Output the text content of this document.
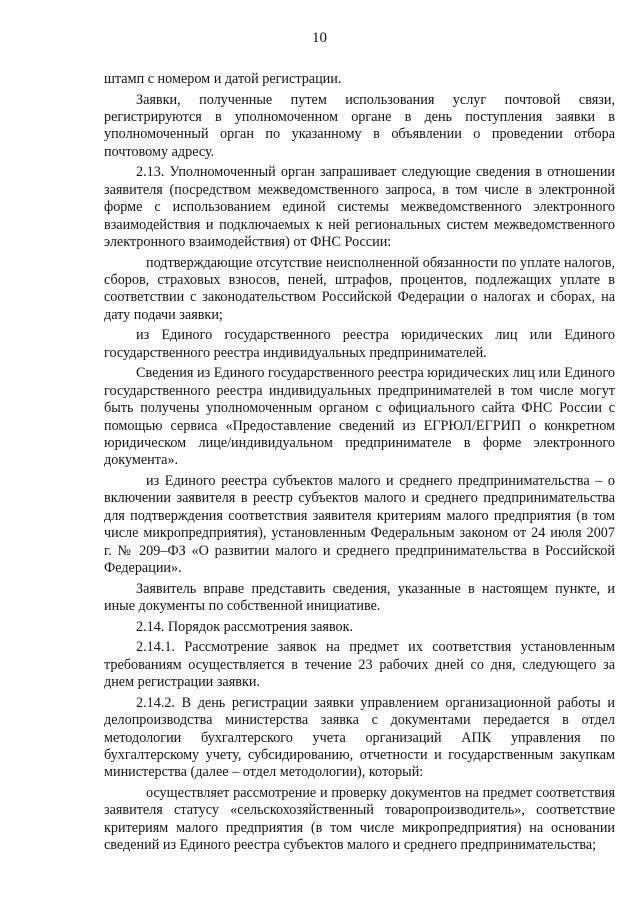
10

штамп с номером и датой регистрации.

Заявки, полученные путем использования услуг почтовой связи, регистрируются в уполномоченном органе в день поступления заявки в уполномоченный орган по указанному в объявлении о проведении отбора почтовому адресу.

2.13. Уполномоченный орган запрашивает следующие сведения в отношении заявителя (посредством межведомственного запроса, в том числе в электронной форме с использованием единой системы межведомственного электронного взаимодействия и подключаемых к ней региональных систем межведомственного электронного взаимодействия) от ФНС России:

подтверждающие отсутствие неисполненной обязанности по уплате налогов, сборов, страховых взносов, пеней, штрафов, процентов, подлежащих уплате в соответствии с законодательством Российской Федерации о налогах и сборах, на дату подачи заявки;

из Единого государственного реестра юридических лиц или Единого государственного реестра индивидуальных предпринимателей.

Сведения из Единого государственного реестра юридических лиц или Единого государственного реестра индивидуальных предпринимателей в том числе могут быть получены уполномоченным органом с официального сайта ФНС России с помощью сервиса «Предоставление сведений из ЕГРЮЛ/ЕГРИП о конкретном юридическом лице/индивидуальном предпринимателе в форме электронного документа».

из Единого реестра субъектов малого и среднего предпринимательства – о включении заявителя в реестр субъектов малого и среднего предпринимательства для подтверждения соответствия заявителя критериям малого предприятия (в том числе микропредприятия), установленным Федеральным законом от 24 июля 2007 г. № 209–ФЗ «О развитии малого и среднего предпринимательства в Российской Федерации».

Заявитель вправе представить сведения, указанные в настоящем пункте, и иные документы по собственной инициативе.

2.14. Порядок рассмотрения заявок.

2.14.1. Рассмотрение заявок на предмет их соответствия установленным требованиям осуществляется в течение 23 рабочих дней со дня, следующего за днем регистрации заявки.

2.14.2. В день регистрации заявки управлением организационной работы и делопроизводства министерства заявка с документами передается в отдел методологии бухгалтерского учета организаций АПК управления по бухгалтерскому учету, субсидированию, отчетности и государственным закупкам министерства (далее – отдел методологии), который:

осуществляет рассмотрение и проверку документов на предмет соответствия заявителя статусу «сельскохозяйственный товаропроизводитель», соответствие критериям малого предприятия (в том числе микропредприятия) на основании сведений из Единого реестра субъектов малого и среднего предпринимательства;
